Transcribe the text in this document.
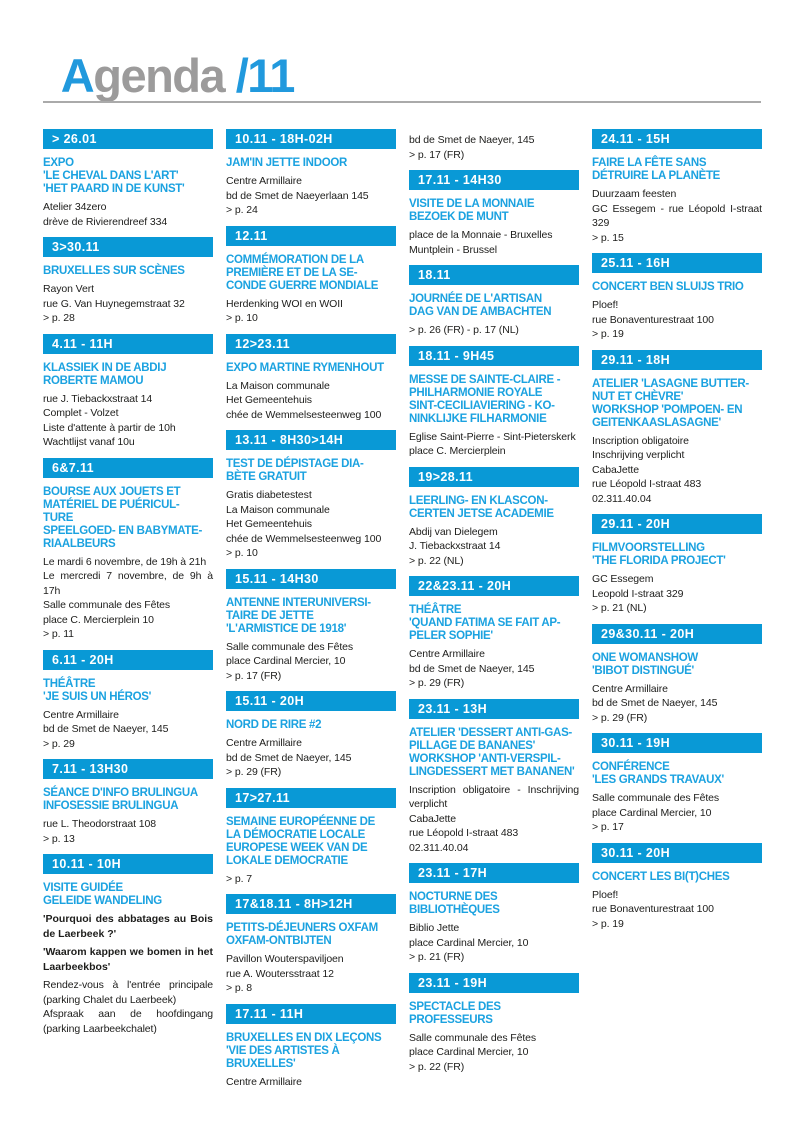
Agenda /11

> 26.01
EXPO
'LE CHEVAL DANS L'ART'
'HET PAARD IN DE KUNST'
Atelier 34zero
drève de Rivierendreef 334
3>30.11
BRUXELLES SUR SCÈNES
Rayon Vert
rue G. Van Huynegemstraat 32
> p. 28
4.11 - 11H
KLASSIEK IN DE ABDIJ
ROBERTE MAMOU
rue J. Tiebackxstraat 14
Complet - Volzet
Liste d'attente à partir de 10h
Wachtlijst vanaf 10u
6&7.11
BOURSE AUX JOUETS ET
MATÉRIEL DE PUÉRICUL-
TURE
SPEELGOED- EN BABYMATE-
RIAALBEURS
Le mardi 6 novembre, de 19h à 21h
Le mercredi 7 novembre, de 9h à 17h
Salle communale des Fêtes
place C. Mercierplein 10
> p. 11
6.11 - 20H
THÉÂTRE
'JE SUIS UN HÉROS'
Centre Armillaire
bd de Smet de Naeyer, 145
> p. 29
7.11 - 13H30
SÉANCE D'INFO BRULINGUA
INFOSESSIE BRULINGUA
rue L. Theodorstraat 108
> p. 13
10.11 - 10H
VISITE GUIDÉE
GELEIDE WANDELING
'Pourquoi des abbatages au Bois de Laerbeek ?'
'Waarom kappen we bomen in het Laarbeekbos'
Rendez-vous à l'entrée principale (parking Chalet du Laerbeek)
Afspraak aan de hoofdingang (parking Laarbeekchalet)
10.11 - 18H-02H
JAM'IN JETTE INDOOR
Centre Armillaire
bd de Smet de Naeyerlaan 145
> p. 24
12.11
COMMÉMORATION DE LA
PREMIÈRE ET DE LA SE-
CONDE GUERRE MONDIALE
Herdenking WOI en WOII
> p. 10
12>23.11
EXPO MARTINE RYMENHOUT
La Maison communale
Het Gemeentehuis
chée de Wemmelsesteenweg 100
13.11 - 8H30>14H
TEST DE DÉPISTAGE DIA-
BÈTE GRATUIT
Gratis diabetestest
La Maison communale
Het Gemeentehuis
chée de Wemmelsesteenweg 100
> p. 10
15.11 - 14H30
ANTENNE INTERUNIVERSI-
TAIRE DE JETTE
'L'ARMISTICE DE 1918'
Salle communale des Fêtes
place Cardinal Mercier, 10
> p. 17 (FR)
15.11 - 20H
NORD DE RIRE #2
Centre Armillaire
bd de Smet de Naeyer, 145
> p. 29 (FR)
17>27.11
SEMAINE EUROPÉENNE DE
LA DÉMOCRATIE LOCALE
EUROPESE WEEK VAN DE
LOKALE DEMOCRATIE
> p. 7
17&18.11 - 8H>12H
PETITS-DÉJEUNERS OXFAM
OXFAM-ONTBIJTEN
Pavillon Wouterspaviljoen
rue A. Woutersstraat 12
> p. 8
17.11 - 11H
BRUXELLES EN DIX LEÇONS
'VIE DES ARTISTES À
BRUXELLES'
Centre Armillaire
bd de Smet de Naeyer, 145
> p. 17 (FR)
17.11 - 14H30
VISITE DE LA MONNAIE
BEZOEK DE MUNT
place de la Monnaie - Bruxelles
Muntplein - Brussel
18.11
JOURNÉE DE L'ARTISAN
DAG VAN DE AMBACHTEN
> p. 26 (FR) - p. 17 (NL)
18.11 - 9H45
MESSE DE SAINTE-CLAIRE -
PHILHARMONIE ROYALE
SINT-CECILIAVIERING - KO-
NINKLIJKE FILHARMONIE
Eglise Saint-Pierre - Sint-Pieterskerk
place C. Mercierplein
19>28.11
LEERLING- EN KLASCON-
CERTEN JETSE ACADEMIE
Abdij van Dielegem
J. Tiebackxstraat 14
> p. 22 (NL)
22&23.11 - 20H
THÉÂTRE
'QUAND FATIMA SE FAIT AP-
PELER SOPHIE'
Centre Armillaire
bd de Smet de Naeyer, 145
> p. 29 (FR)
23.11 - 13H
ATELIER 'DESSERT ANTI-GAS-
PILLAGE DE BANANES'
WORKSHOP 'ANTI-VERSPIL-
LINGDESSERT MET BANANEN'
Inscription obligatoire - Inschrijving verplicht
CabaJette
rue Léopold I-straat 483
02.311.40.04
23.11 - 17H
NOCTURNE DES
BIBLIOTHÈQUES
Biblio Jette
place Cardinal Mercier, 10
> p. 21 (FR)
23.11 - 19H
SPECTACLE DES
PROFESSEURS
Salle communale des Fêtes
place Cardinal Mercier, 10
> p. 22 (FR)
24.11 - 15H
FAIRE LA FÊTE SANS
DÉTRUIRE LA PLANÈTE
Duurzaam feesten
GC Essegem - rue Léopold I-straat 329
> p. 15
25.11 - 16H
CONCERT BEN SLUIJS TRIO
Ploef!
rue Bonaventurestraat 100
> p. 19
29.11 - 18H
ATELIER 'LASAGNE BUTTER-
NUT ET CHÈVRE'
WORKSHOP 'POMPOEN- EN
GEITENKAASLASAGNE'
Inscription obligatoire
Inschrijving verplicht
CabaJette
rue Léopold I-straat 483
02.311.40.04
29.11 - 20H
FILMVOORSTELLING
'THE FLORIDA PROJECT'
GC Essegem
Leopold I-straat 329
> p. 21 (NL)
29&30.11 - 20H
ONE WOMANSHOW
'BIBOT DISTINGUÉ'
Centre Armillaire
bd de Smet de Naeyer, 145
> p. 29 (FR)
30.11 - 19H
CONFÉRENCE
'LES GRANDS TRAVAUX'
Salle communale des Fêtes
place Cardinal Mercier, 10
> p. 17
30.11 - 20H
CONCERT LES BI(T)CHES
Ploef!
rue Bonaventurestraat 100
> p. 19
